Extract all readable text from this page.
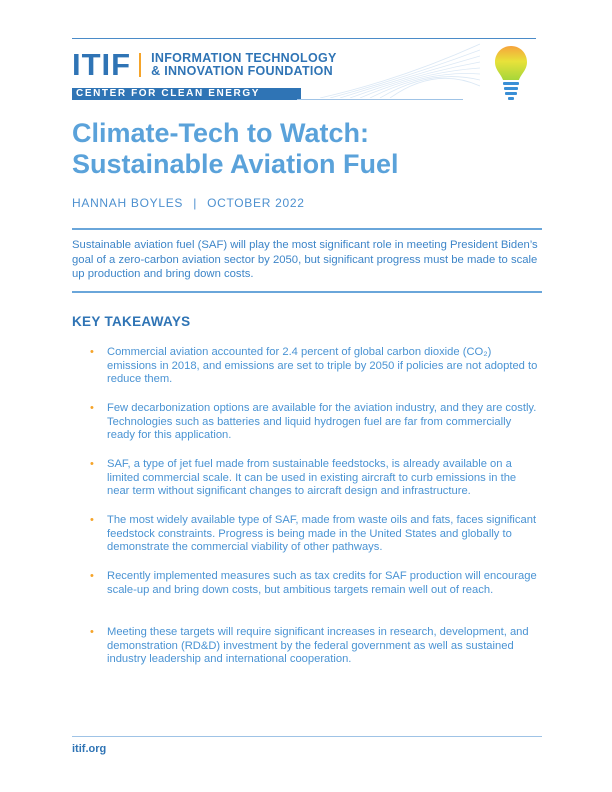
ITIF INFORMATION TECHNOLOGY
& INNOVATION FOUNDATION
CENTER FOR CLEAN ENERGY INNOVATION
Climate-Tech to Watch:
Sustainable Aviation Fuel
HANNAH BOYLES | OCTOBER 2022

Sustainable aviation fuel (SAF) will play the most significant role in meeting President Biden’s goal of a zero-carbon aviation sector by 2050, but significant progress must be made to scale up production and bring down costs.

KEY TAKEAWAYS
• Commercial aviation accounted for 2.4 percent of global carbon dioxide (CO₂) emissions in 2018, and emissions are set to triple by 2050 if policies are not adopted to reduce them.
• Few decarbonization options are available for the aviation industry, and they are costly. Technologies such as batteries and liquid hydrogen fuel are far from commercially ready for this application.
• SAF, a type of jet fuel made from sustainable feedstocks, is already available on a limited commercial scale. It can be used in existing aircraft to curb emissions in the near term without significant changes to aircraft design and infrastructure.
• The most widely available type of SAF, made from waste oils and fats, faces significant feedstock constraints. Progress is being made in the United States and globally to demonstrate the commercial viability of other pathways.
• Recently implemented measures such as tax credits for SAF production will encourage scale-up and bring down costs, but ambitious targets remain well out of reach.
• Meeting these targets will require significant increases in research, development, and demonstration (RD&D) investment by the federal government as well as sustained industry leadership and international cooperation.
itif.org
